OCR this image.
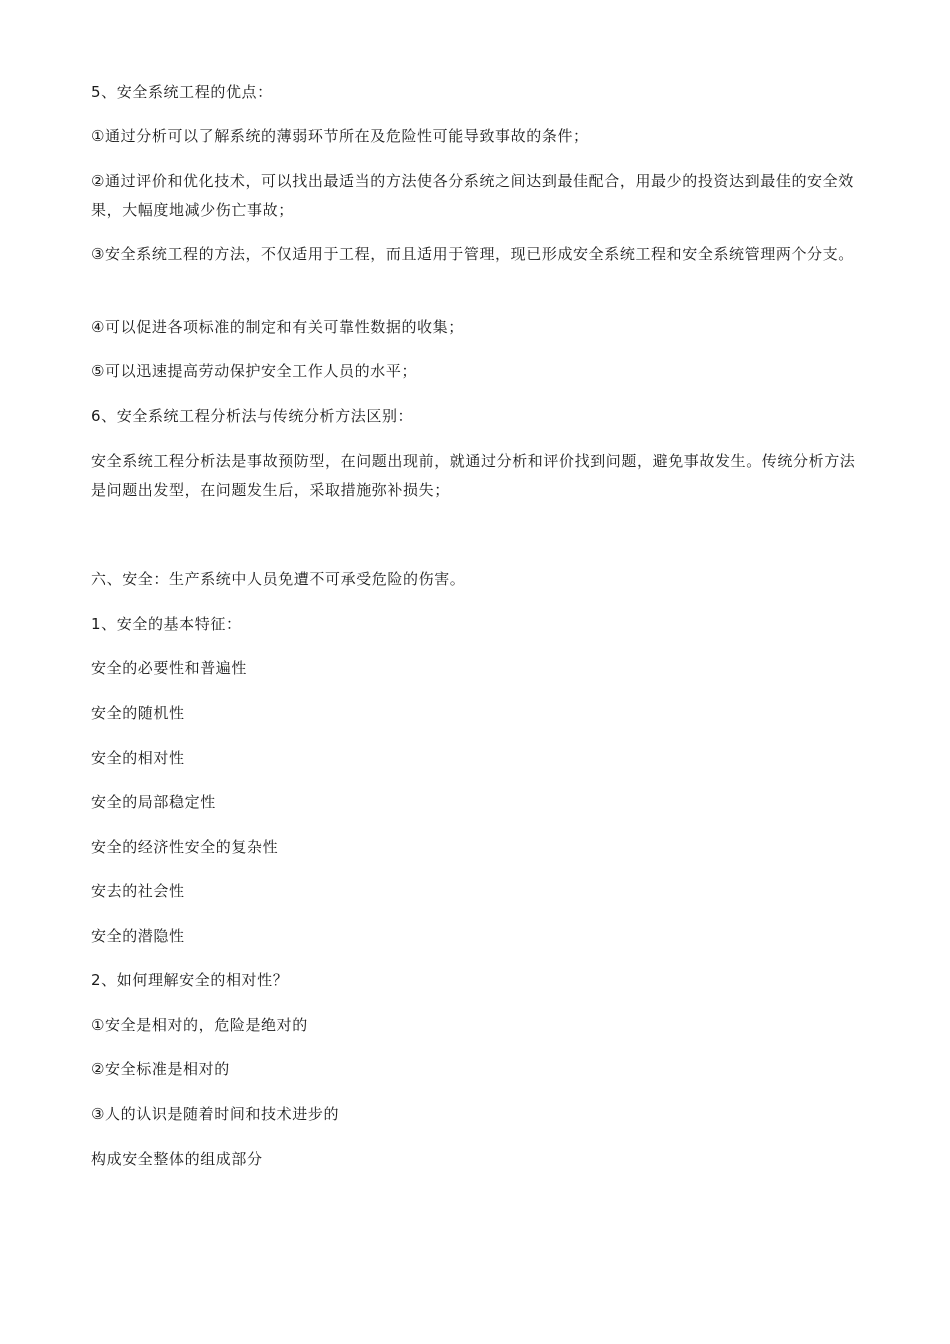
5、安全系统工程的优点：
①通过分析可以了解系统的薄弱环节所在及危险性可能导致事故的条件；
②通过评价和优化技术，可以找出最适当的方法使各分系统之间达到最佳配合，用最少的投资达到最佳的安全效果，大幅度地减少伤亡事故；
③安全系统工程的方法，不仅适用于工程，而且适用于管理，现已形成安全系统工程和安全系统管理两个分支。
④可以促进各项标准的制定和有关可靠性数据的收集；
⑤可以迅速提高劳动保护安全工作人员的水平；
6、安全系统工程分析法与传统分析方法区别：
安全系统工程分析法是事故预防型，在问题出现前，就通过分析和评价找到问题，避免事故发生。传统分析方法是问题出发型，在问题发生后，采取措施弥补损失；
六、安全：生产系统中人员免遭不可承受危险的伤害。
1、安全的基本特征：
安全的必要性和普遍性
安全的随机性
安全的相对性
安全的局部稳定性
安全的经济性安全的复杂性
安去的社会性
安全的潜隐性
2、如何理解安全的相对性？
①安全是相对的，危险是绝对的
②安全标准是相对的
③人的认识是随着时间和技术进步的
构成安全整体的组成部分
